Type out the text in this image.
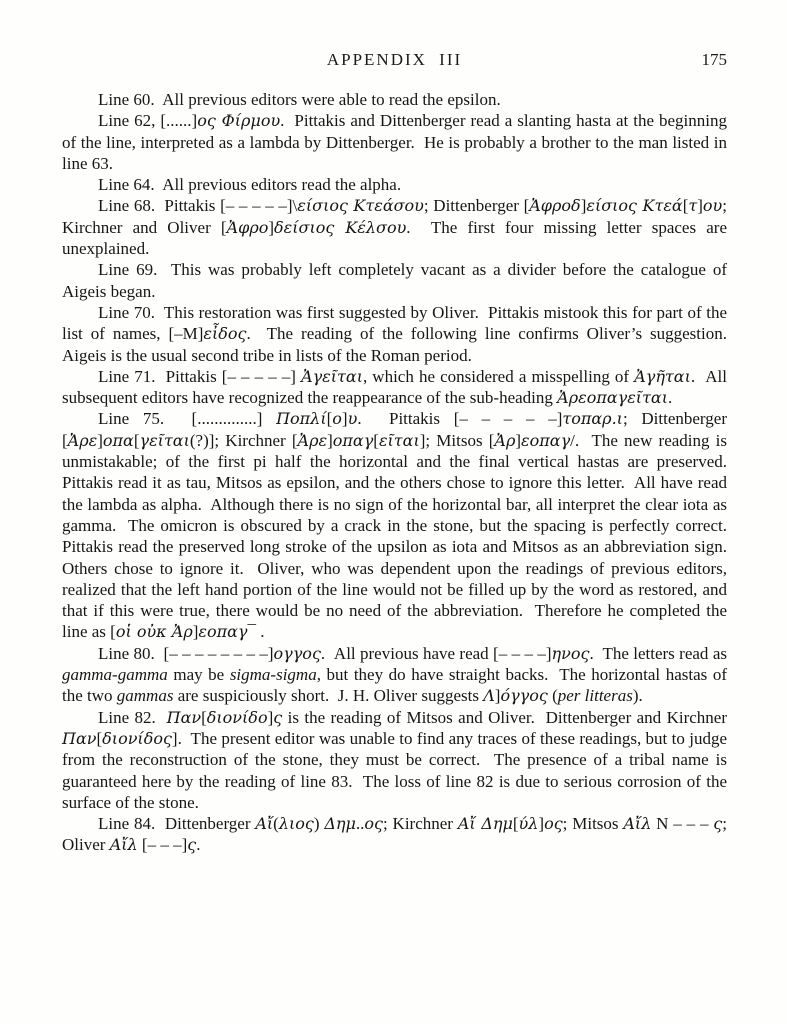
APPENDIX III	175

Line 60.  All previous editors were able to read the epsilon.

Line 62, [......]ος Φίρμου.  Pittakis and Dittenberger read a slanting hasta at the beginning of the line, interpreted as a lambda by Dittenberger.  He is probably a brother to the man listed in line 63.

Line 64.  All previous editors read the alpha.

Line 68.  Pittakis [– – – – –]\είσιος Κτεάσου; Dittenberger [Ἀφροδ]είσιος Κτεά[τ]ου; Kirchner and Oliver [Ἀφρο]δείσιος Κέλσου.  The first four missing letter spaces are unexplained.

Line 69.  This was probably left completely vacant as a divider before the catalogue of Aigeis began.

Line 70.  This restoration was first suggested by Oliver.  Pittakis mistook this for part of the list of names, [–M]εἶδος.  The reading of the following line confirms Oliver’s suggestion.  Aigeis is the usual second tribe in lists of the Roman period.

Line 71.  Pittakis [– – – – –] Ἀγεῖται, which he considered a misspelling of Ἀγῆται.  All subsequent editors have recognized the reappearance of the sub-heading Ἀρεοπαγεῖται.

Line 75.  [..............] Ποπλί[ο]υ.  Pittakis [– – – – –]τοπαρ.ι; Dittenberger [Ἀρε]οπα[γεῖται(?)]; Kirchner [Ἀρε]οπαγ[εῖται]; Mitsos [Ἀρ]εοπαγ/.  The new reading is unmistakable; of the first pi half the horizontal and the final vertical hastas are preserved.  Pittakis read it as tau, Mitsos as epsilon, and the others chose to ignore this letter.  All have read the lambda as alpha.  Although there is no sign of the horizontal bar, all interpret the clear iota as gamma.  The omicron is obscured by a crack in the stone, but the spacing is perfectly correct.  Pittakis read the preserved long stroke of the upsilon as iota and Mitsos as an abbreviation sign.  Others chose to ignore it.  Oliver, who was dependent upon the readings of previous editors, realized that the left hand portion of the line would not be filled up by the word as restored, and that if this were true, there would be no need of the abbreviation.  Therefore he completed the line as [οἱ οὐκ Ἀρ]εοπαγ¯ .

Line 80.  [– – – – – – – –]ογγος.  All previous have read [– – – –]ηνος.  The letters read as gamma-gamma may be sigma-sigma, but they do have straight backs.  The horizontal hastas of the two gammas are suspiciously short.  J. H. Oliver suggests Λ]όγγος (per litteras).

Line 82.  Παν[διονίδο]ς is the reading of Mitsos and Oliver.  Dittenberger and Kirchner Παν[διονίδος].  The present editor was unable to find any traces of these readings, but to judge from the reconstruction of the stone, they must be correct.  The presence of a tribal name is guaranteed here by the reading of line 83.  The loss of line 82 is due to serious corrosion of the surface of the stone.

Line 84.  Dittenberger Αἴ(λιος) Δημ..ος; Kirchner Αἴ Δημ[ύλ]ος; Mitsos Αἴλ N – – – ς; Oliver Αἴλ [– – –]ς.
